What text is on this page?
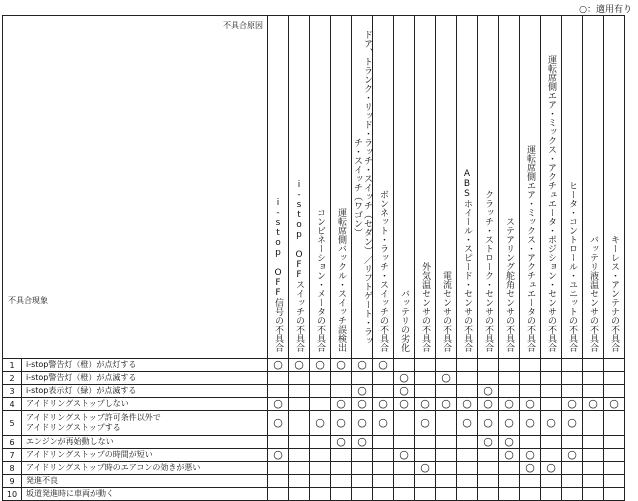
○：適用有り
不具合原因
不具合現象		i-stop OFF信号の不具合	i-stop OFFスイッチの不具合	コンビネーション・メータの不具合	運転席側バックル・スイッチ誤検出	ドア、トランク・リッド・ラッチ・スイッチ（セダン）／リフトゲート・ラッチ・スイッチ（ワゴン）	ボンネット・ラッチ・スイッチの不具合	バッテリの劣化	外気温センサの不具合	電流センサの不具合	ABSホイール・スピード・センサの不具合	クラッチ・ストローク・センサの不具合	ステアリング舵角センサの不具合	運転席側エア・ミックス・アクチュエータの不具合	運転席側エア・ミックス・アクチュエータ・ポジション・センサの不具合	ヒータ・コントロール・ユニットの不具合	バッテリ液温センサの不具合	キーレス・アンテナの不具合
1	i-stop警告灯（橙）が点灯する	○	○	○	○	○	○											
2	i-stop警告灯（橙）が点滅する							○		○								
3	i-stop表示灯（緑）が点滅する					○		○				○						
4	アイドリングストップしない	○			○	○	○	○	○	○	○	○	○	○		○	○	○
5	アイドリングストップ許可条件以外で
アイドリングストップする	○		○	○	○	○		○		○	○	○	○	○	○		
6	エンジンが再始動しない				○	○						○	○					
7	アイドリングストップの時間が短い	○						○					○	○		○		
8	アイドリングストップ時のエアコンの効きが悪い								○					○	○			
9	発進不良																	
10	坂道発進時に車両が動く																	
